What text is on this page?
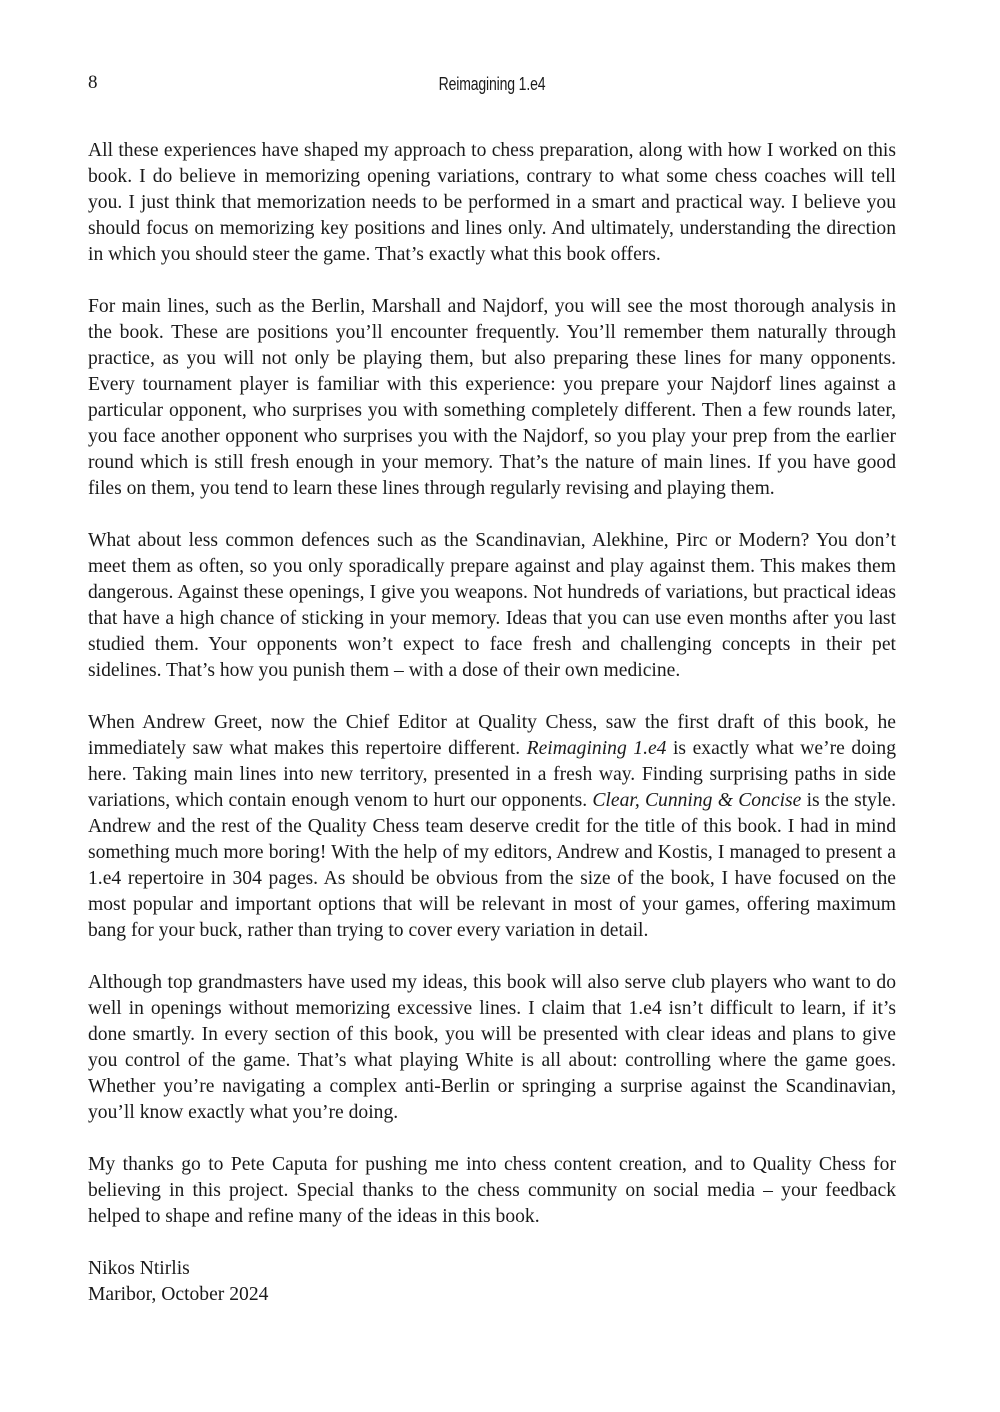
8	Reimagining 1.e4

All these experiences have shaped my approach to chess preparation, along with how I worked on this book. I do believe in memorizing opening variations, contrary to what some chess coaches will tell you. I just think that memorization needs to be performed in a smart and practical way. I believe you should focus on memorizing key positions and lines only. And ultimately, understanding the direction in which you should steer the game. That’s exactly what this book offers.

For main lines, such as the Berlin, Marshall and Najdorf, you will see the most thorough analysis in the book. These are positions you’ll encounter frequently. You’ll remember them naturally through practice, as you will not only be playing them, but also preparing these lines for many opponents. Every tournament player is familiar with this experience: you prepare your Najdorf lines against a particular opponent, who surprises you with something completely different. Then a few rounds later, you face another opponent who surprises you with the Najdorf, so you play your prep from the earlier round which is still fresh enough in your memory. That’s the nature of main lines. If you have good files on them, you tend to learn these lines through regularly revising and playing them.

What about less common defences such as the Scandinavian, Alekhine, Pirc or Modern? You don’t meet them as often, so you only sporadically prepare against and play against them. This makes them dangerous. Against these openings, I give you weapons. Not hundreds of variations, but practical ideas that have a high chance of sticking in your memory. Ideas that you can use even months after you last studied them. Your opponents won’t expect to face fresh and challenging concepts in their pet sidelines. That’s how you punish them – with a dose of their own medicine.

When Andrew Greet, now the Chief Editor at Quality Chess, saw the first draft of this book, he immediately saw what makes this repertoire different. Reimagining 1.e4 is exactly what we’re doing here. Taking main lines into new territory, presented in a fresh way. Finding surprising paths in side variations, which contain enough venom to hurt our opponents. Clear, Cunning & Concise is the style. Andrew and the rest of the Quality Chess team deserve credit for the title of this book. I had in mind something much more boring! With the help of my editors, Andrew and Kostis, I managed to present a 1.e4 repertoire in 304 pages. As should be obvious from the size of the book, I have focused on the most popular and important options that will be relevant in most of your games, offering maximum bang for your buck, rather than trying to cover every variation in detail.

Although top grandmasters have used my ideas, this book will also serve club players who want to do well in openings without memorizing excessive lines. I claim that 1.e4 isn’t difficult to learn, if it’s done smartly. In every section of this book, you will be presented with clear ideas and plans to give you control of the game. That’s what playing White is all about: controlling where the game goes. Whether you’re navigating a complex anti-Berlin or springing a surprise against the Scandinavian, you’ll know exactly what you’re doing.

My thanks go to Pete Caputa for pushing me into chess content creation, and to Quality Chess for believing in this project. Special thanks to the chess community on social media – your feedback helped to shape and refine many of the ideas in this book.

Nikos Ntirlis
Maribor, October 2024
